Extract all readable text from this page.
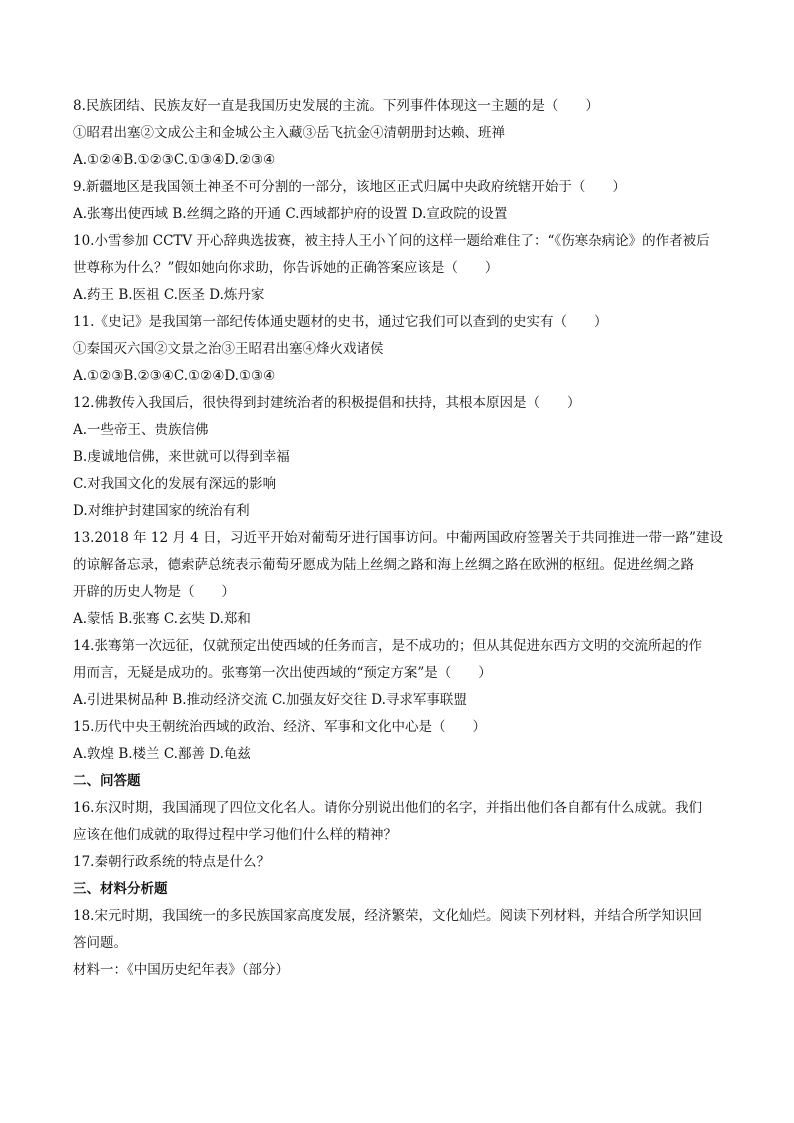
8.民族团结、民族友好一直是我国历史发展的主流。下列事件体现这一主题的是（　　）
①昭君出塞②文成公主和金城公主入藏③岳飞抗金④清朝册封达赖、班禅
A.①②④B.①②③C.①③④D.②③④
9.新疆地区是我国领土神圣不可分割的一部分，该地区正式归属中央政府统辖开始于（　　）
A.张骞出使西域 B.丝绸之路的开通 C.西域都护府的设置 D.宣政院的设置
10.小雪参加 CCTV 开心辞典选拔赛，被主持人王小丫问的这样一题给难住了：“《伤寒杂病论》的作者被后
世尊称为什么？”假如她向你求助，你告诉她的正确答案应该是（　　）
A.药王 B.医祖 C.医圣 D.炼丹家
11.《史记》是我国第一部纪传体通史题材的史书，通过它我们可以查到的史实有（　　）
①秦国灭六国②文景之治③王昭君出塞④烽火戏诸侯
A.①②③B.②③④C.①②④D.①③④
12.佛教传入我国后，很快得到封建统治者的积极提倡和扶持，其根本原因是（　　）
A.一些帝王、贵族信佛
B.虔诚地信佛，来世就可以得到幸福
C.对我国文化的发展有深远的影响
D.对维护封建国家的统治有利
13.2018 年 12 月 4 日，习近平开始对葡萄牙进行国事访问。中葡两国政府签署关于共同推进一带一路”建设
的谅解备忘录，德索萨总统表示葡萄牙愿成为陆上丝绸之路和海上丝绸之路在欧洲的枢纽。促进丝绸之路
开辟的历史人物是（　　）
A.蒙恬 B.张骞 C.玄奘 D.郑和
14.张骞第一次远征，仅就预定出使西域的任务而言，是不成功的；但从其促进东西方文明的交流所起的作
用而言，无疑是成功的。张骞第一次出使西域的“预定方案”是（　　）
A.引进果树品种 B.推动经济交流 C.加强友好交往 D.寻求军事联盟
15.历代中央王朝统治西域的政治、经济、军事和文化中心是（　　）
A.敦煌 B.楼兰 C.鄯善 D.龟兹
二、问答题
16.东汉时期，我国涌现了四位文化名人。请你分别说出他们的名字，并指出他们各自都有什么成就。我们
应该在他们成就的取得过程中学习他们什么样的精神？
17.秦朝行政系统的特点是什么？
三、材料分析题
18.宋元时期，我国统一的多民族国家高度发展，经济繁荣，文化灿烂。阅读下列材料，并结合所学知识回
答问题。
材料一：《中国历史纪年表》（部分）
